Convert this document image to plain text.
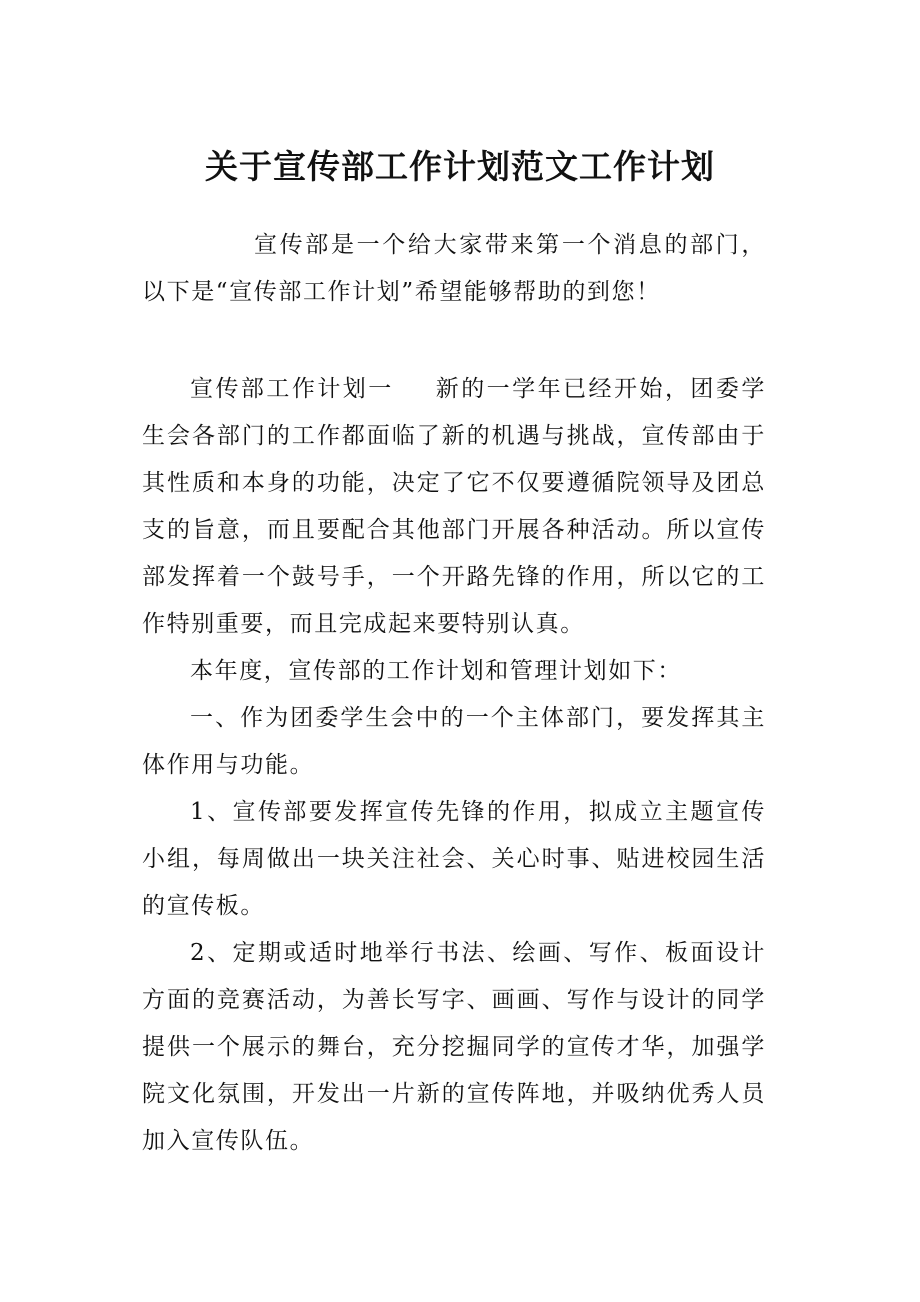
关于宣传部工作计划范文工作计划

宣传部是一个给大家带来第一个消息的部门，以下是“宣传部工作计划”希望能够帮助的到您！

宣传部工作计划一 新的一学年已经开始，团委学生会各部门的工作都面临了新的机遇与挑战，宣传部由于其性质和本身的功能，决定了它不仅要遵循院领导及团总支的旨意，而且要配合其他部门开展各种活动。所以宣传部发挥着一个鼓号手，一个开路先锋的作用，所以它的工作特别重要，而且完成起来要特别认真。

本年度，宣传部的工作计划和管理计划如下：

一、作为团委学生会中的一个主体部门，要发挥其主体作用与功能。

1、宣传部要发挥宣传先锋的作用，拟成立主题宣传小组，每周做出一块关注社会、关心时事、贴进校园生活的宣传板。

2、定期或适时地举行书法、绘画、写作、板面设计方面的竞赛活动，为善长写字、画画、写作与设计的同学提供一个展示的舞台，充分挖掘同学的宣传才华，加强学院文化氛围，开发出一片新的宣传阵地，并吸纳优秀人员加入宣传队伍。
